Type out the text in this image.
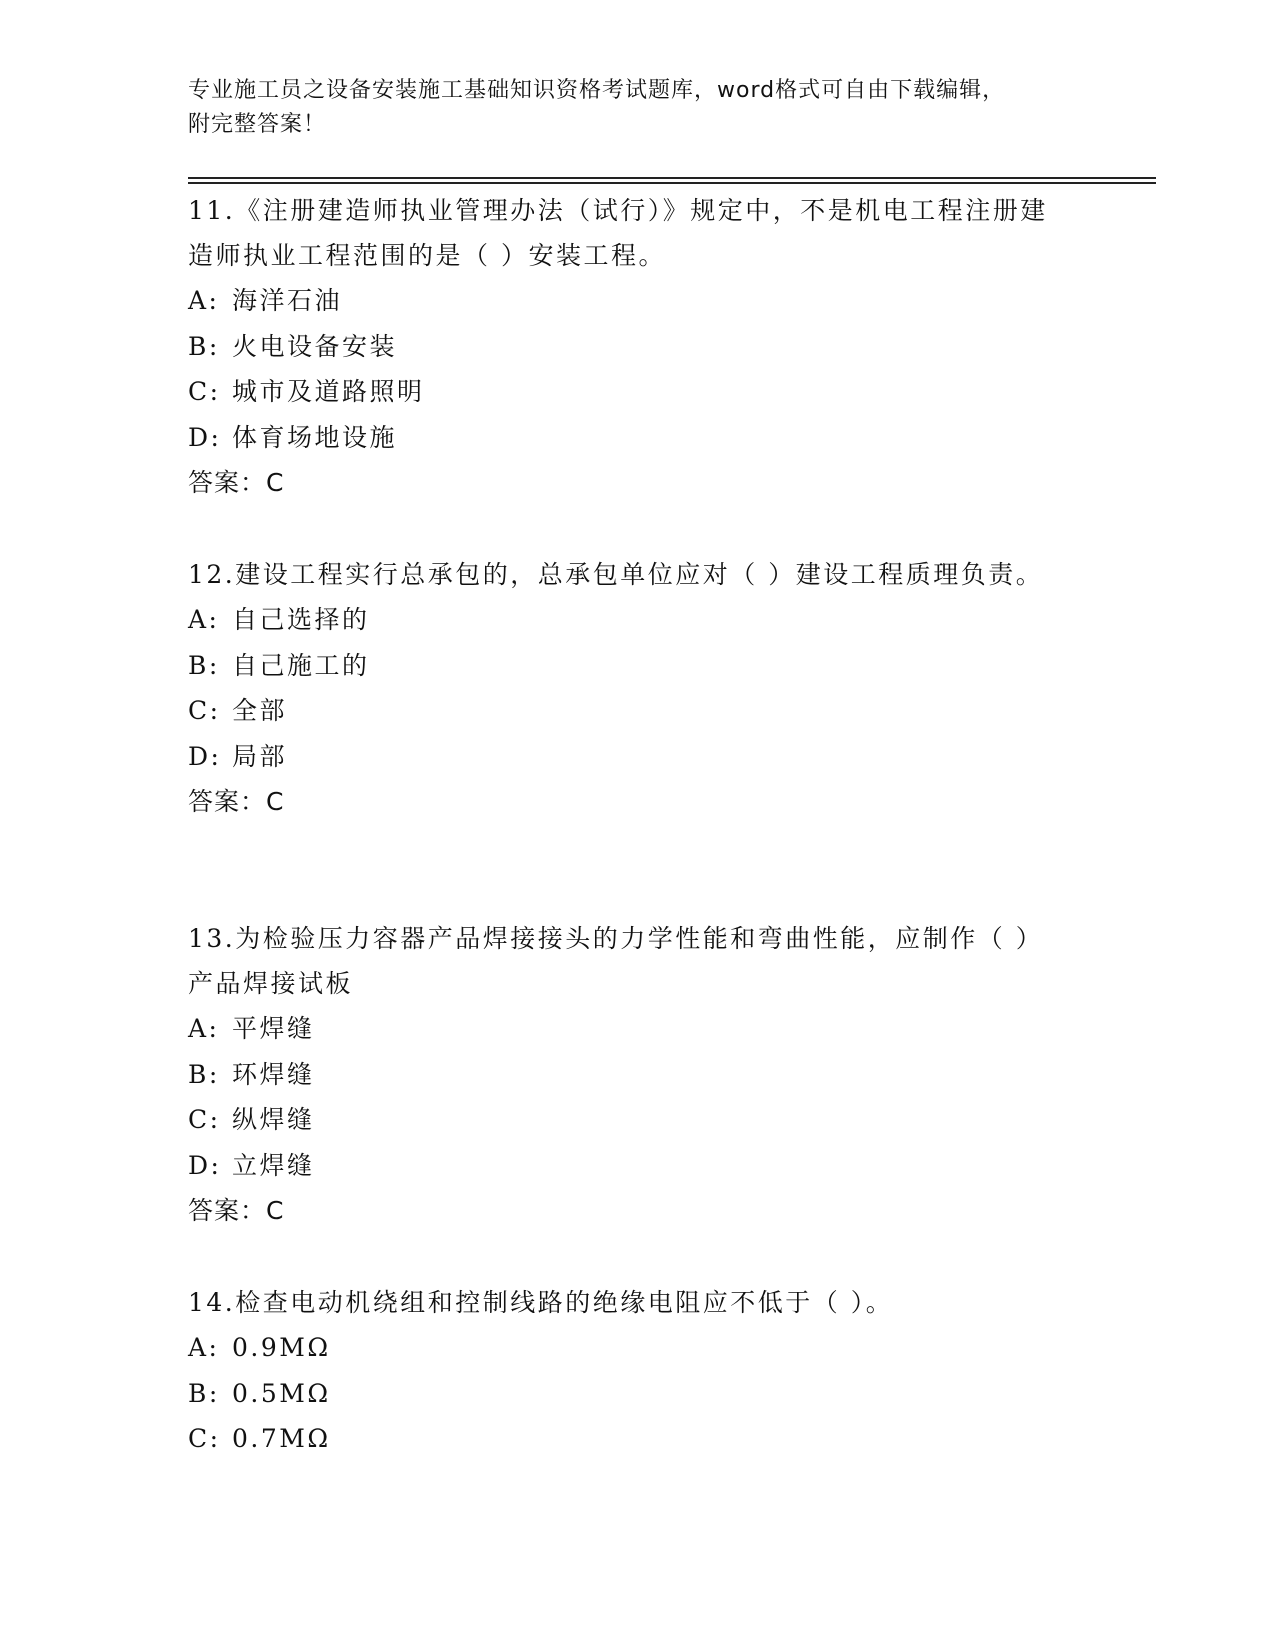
专业施工员之设备安装施工基础知识资格考试题库，word格式可自由下载编辑，
附完整答案！

11.《注册建造师执业管理办法（试行）》规定中，不是机电工程注册建造师执业工程范围的是（ ）安装工程。

A: 海洋石油

B: 火电设备安装

C: 城市及道路照明

D: 体育场地设施

答案：C

12.建设工程实行总承包的，总承包单位应对（ ）建设工程质理负责。

A: 自己选择的

B: 自己施工的

C: 全部

D: 局部

答案：C

13.为检验压力容器产品焊接接头的力学性能和弯曲性能，应制作（ ）产品焊接试板

A: 平焊缝

B: 环焊缝

C: 纵焊缝

D: 立焊缝

答案：C

14.检查电动机绕组和控制线路的绝缘电阻应不低于（ ）。

A: 0.9MΩ

B: 0.5MΩ

C: 0.7MΩ
